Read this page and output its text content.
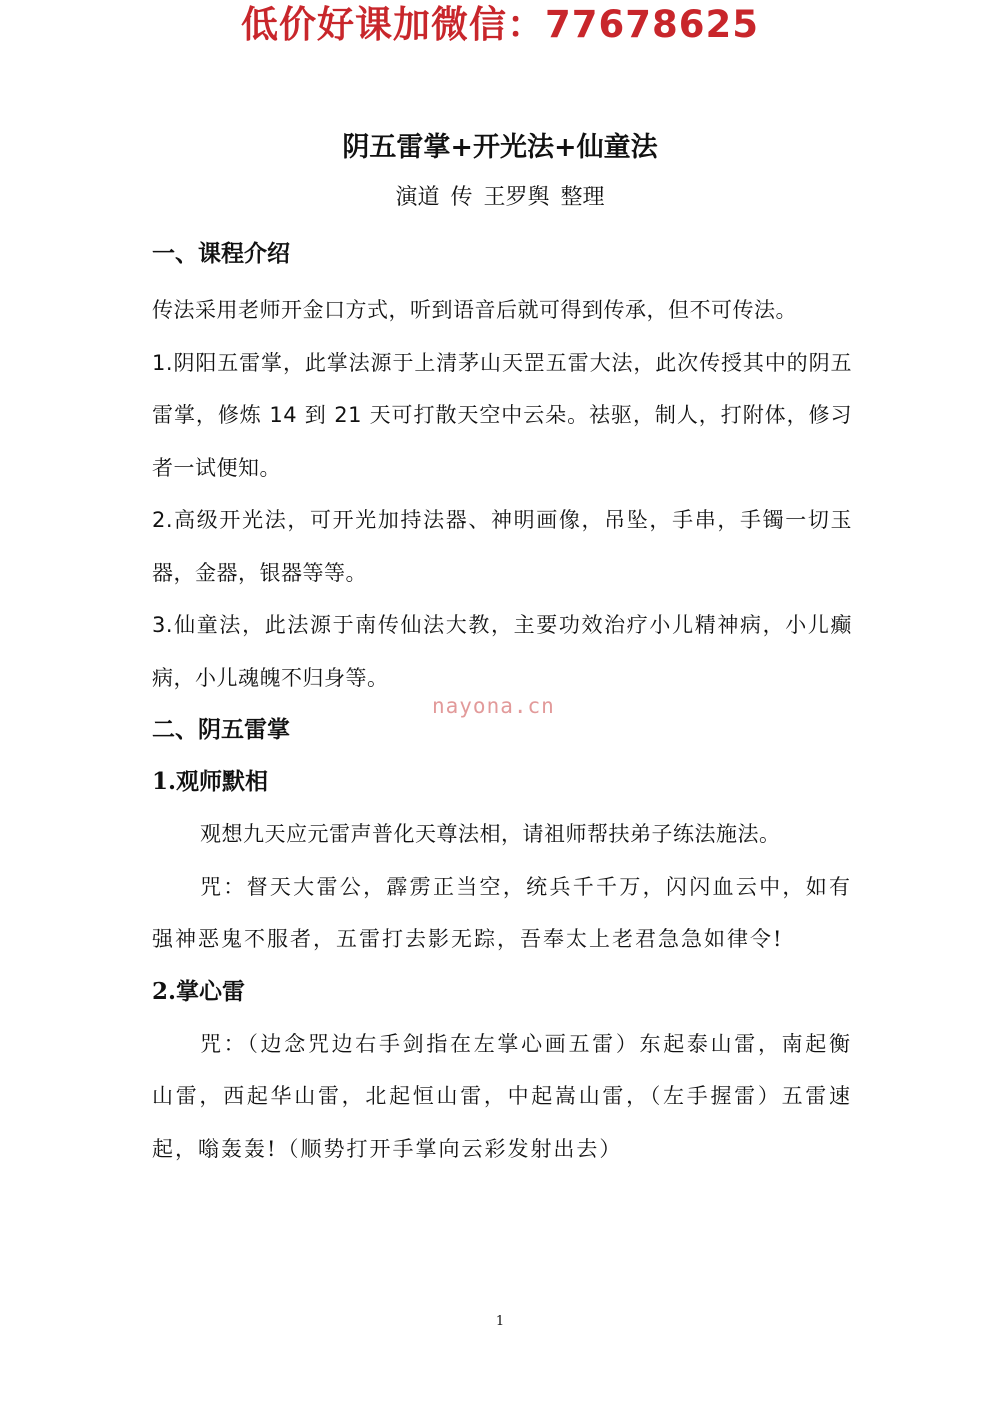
低价好课加微信：77678625
阴五雷掌+开光法+仙童法
演道 传 王罗舆 整理
一、课程介绍

传法采用老师开金口方式，听到语音后就可得到传承，但不可传法。

1.阴阳五雷掌，此掌法源于上清茅山天罡五雷大法，此次传授其中的阴五雷掌，修炼 14 到 21 天可打散天空中云朵。祛驱，制人，打附体，修习者一试便知。

2.高级开光法，可开光加持法器、神明画像，吊坠，手串，手镯一切玉器，金器，银器等等。

3.仙童法，此法源于南传仙法大教，主要功效治疗小儿精神病，小儿癫病，小儿魂魄不归身等。

二、阴五雷掌
1.观师默相

观想九天应元雷声普化天尊法相，请祖师帮扶弟子练法施法。

咒：督天大雷公，霹雳正当空，统兵千千万，闪闪血云中，如有强神恶鬼不服者，五雷打去影无踪，吾奉太上老君急急如律令!

2.掌心雷

咒：（边念咒边右手剑指在左掌心画五雷）东起泰山雷，南起衡山雷，西起华山雷，北起恒山雷，中起嵩山雷，（左手握雷）五雷速起，嗡轰轰!（顺势打开手掌向云彩发射出去）

nayona.cn
1
